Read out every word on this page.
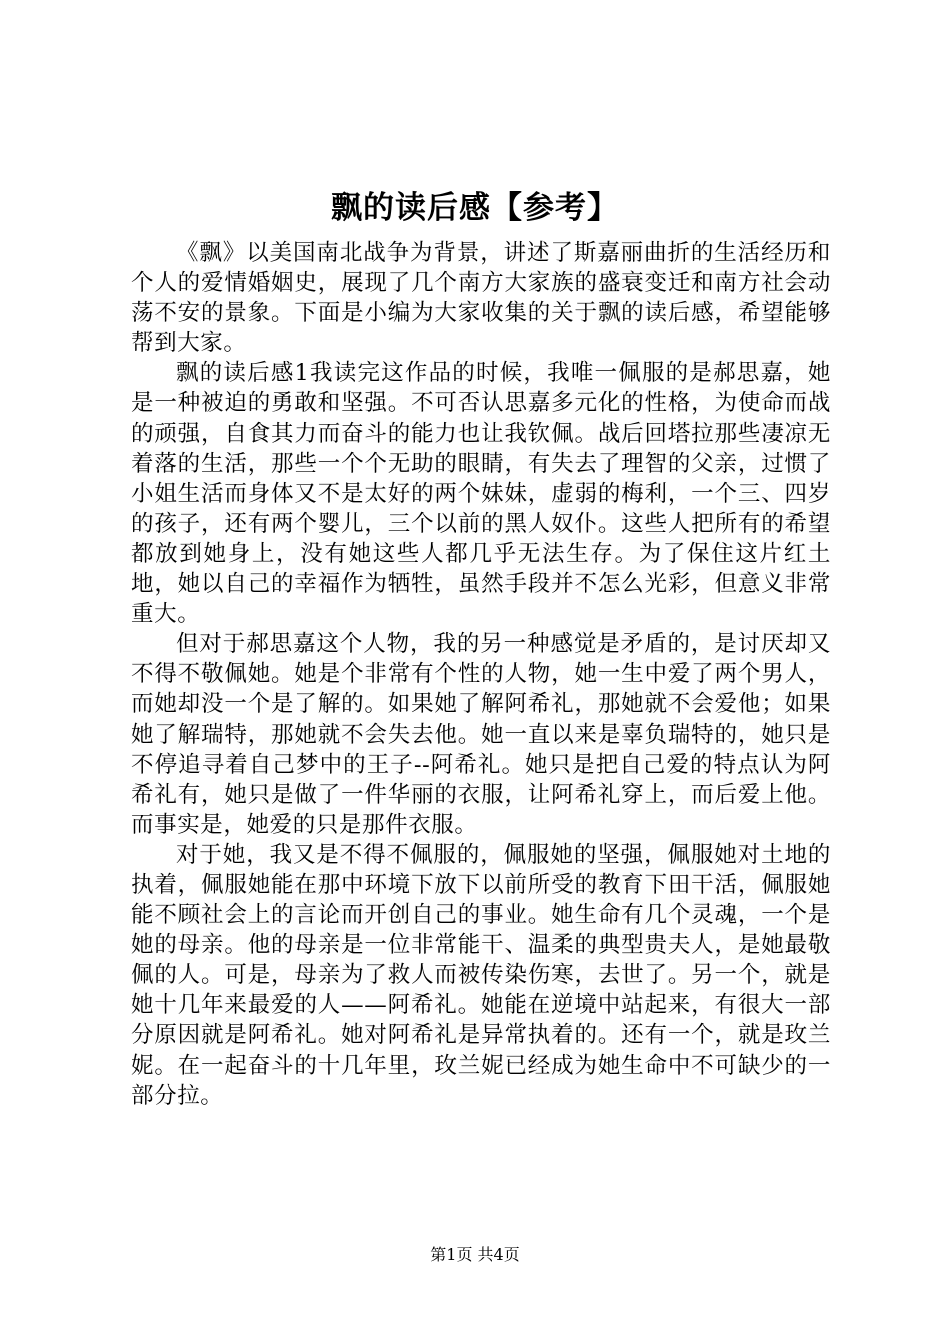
飘的读后感【参考】

《飘》以美国南北战争为背景，讲述了斯嘉丽曲折的生活经历和个人的爱情婚姻史，展现了几个南方大家族的盛衰变迁和南方社会动荡不安的景象。下面是小编为大家收集的关于飘的读后感，希望能够帮到大家。

飘的读后感1我读完这作品的时候，我唯一佩服的是郝思嘉，她是一种被迫的勇敢和坚强。不可否认思嘉多元化的性格，为使命而战的顽强，自食其力而奋斗的能力也让我钦佩。战后回塔拉那些凄凉无着落的生活，那些一个个无助的眼睛，有失去了理智的父亲，过惯了小姐生活而身体又不是太好的两个妹妹，虚弱的梅利，一个三、四岁的孩子，还有两个婴儿，三个以前的黑人奴仆。这些人把所有的希望都放到她身上，没有她这些人都几乎无法生存。为了保住这片红土地，她以自己的幸福作为牺牲，虽然手段并不怎么光彩，但意义非常重大。

但对于郝思嘉这个人物，我的另一种感觉是矛盾的，是讨厌却又不得不敬佩她。她是个非常有个性的人物，她一生中爱了两个男人，而她却没一个是了解的。如果她了解阿希礼，那她就不会爱他；如果她了解瑞特，那她就不会失去他。她一直以来是辜负瑞特的，她只是不停追寻着自己梦中的王子--阿希礼。她只是把自己爱的特点认为阿希礼有，她只是做了一件华丽的衣服，让阿希礼穿上，而后爱上他。而事实是，她爱的只是那件衣服。

对于她，我又是不得不佩服的，佩服她的坚强，佩服她对土地的执着，佩服她能在那中环境下放下以前所受的教育下田干活，佩服她能不顾社会上的言论而开创自己的事业。她生命有几个灵魂，一个是她的母亲。他的母亲是一位非常能干、温柔的典型贵夫人，是她最敬佩的人。可是，母亲为了救人而被传染伤寒，去世了。另一个，就是她十几年来最爱的人——阿希礼。她能在逆境中站起来，有很大一部分原因就是阿希礼。她对阿希礼是异常执着的。还有一个，就是玫兰妮。在一起奋斗的十几年里，玫兰妮已经成为她生命中不可缺少的一部分拉。

第1页 共4页
